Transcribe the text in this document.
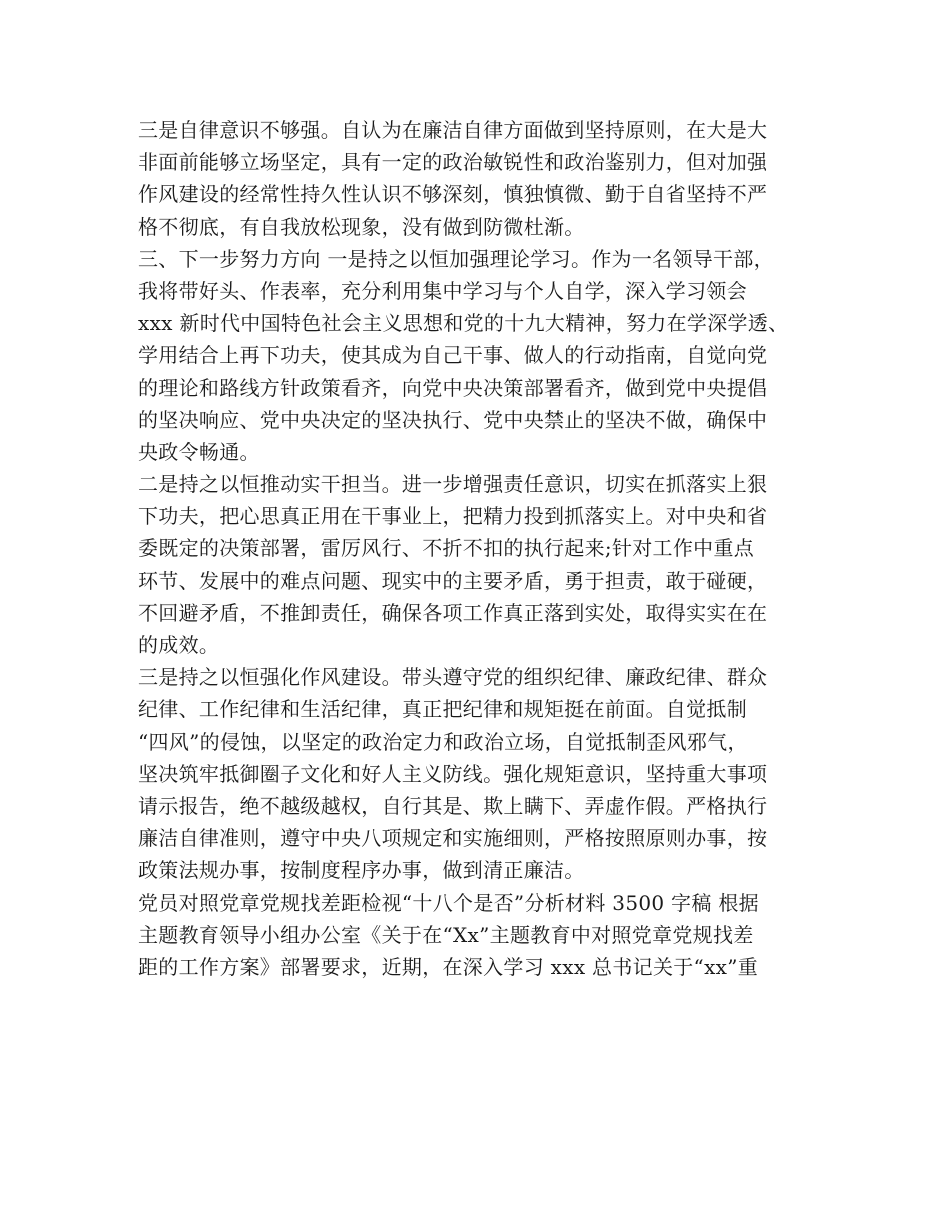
三是自律意识不够强。自认为在廉洁自律方面做到坚持原则，在大是大
非面前能够立场坚定，具有一定的政治敏锐性和政治鉴别力，但对加强
作风建设的经常性持久性认识不够深刻，慎独慎微、勤于自省坚持不严
格不彻底，有自我放松现象，没有做到防微杜渐。
三、下一步努力方向 一是持之以恒加强理论学习。作为一名领导干部，
我将带好头、作表率，充分利用集中学习与个人自学，深入学习领会
xxx 新时代中国特色社会主义思想和党的十九大精神，努力在学深学透、
学用结合上再下功夫，使其成为自己干事、做人的行动指南，自觉向党
的理论和路线方针政策看齐，向党中央决策部署看齐，做到党中央提倡
的坚决响应、党中央决定的坚决执行、党中央禁止的坚决不做，确保中
央政令畅通。
二是持之以恒推动实干担当。进一步增强责任意识，切实在抓落实上狠
下功夫，把心思真正用在干事业上，把精力投到抓落实上。对中央和省
委既定的决策部署，雷厉风行、不折不扣的执行起来;针对工作中重点
环节、发展中的难点问题、现实中的主要矛盾，勇于担责，敢于碰硬，
不回避矛盾，不推卸责任，确保各项工作真正落到实处，取得实实在在
的成效。
三是持之以恒强化作风建设。带头遵守党的组织纪律、廉政纪律、群众
纪律、工作纪律和生活纪律，真正把纪律和规矩挺在前面。自觉抵制
“四风”的侵蚀，以坚定的政治定力和政治立场，自觉抵制歪风邪气，
坚决筑牢抵御圈子文化和好人主义防线。强化规矩意识，坚持重大事项
请示报告，绝不越级越权，自行其是、欺上瞒下、弄虚作假。严格执行
廉洁自律准则，遵守中央八项规定和实施细则，严格按照原则办事，按
政策法规办事，按制度程序办事，做到清正廉洁。
党员对照党章党规找差距检视“十八个是否”分析材料 3500 字稿 根据
主题教育领导小组办公室《关于在“Xx”主题教育中对照党章党规找差
距的工作方案》部署要求，近期，在深入学习 xxx 总书记关于“xx”重
